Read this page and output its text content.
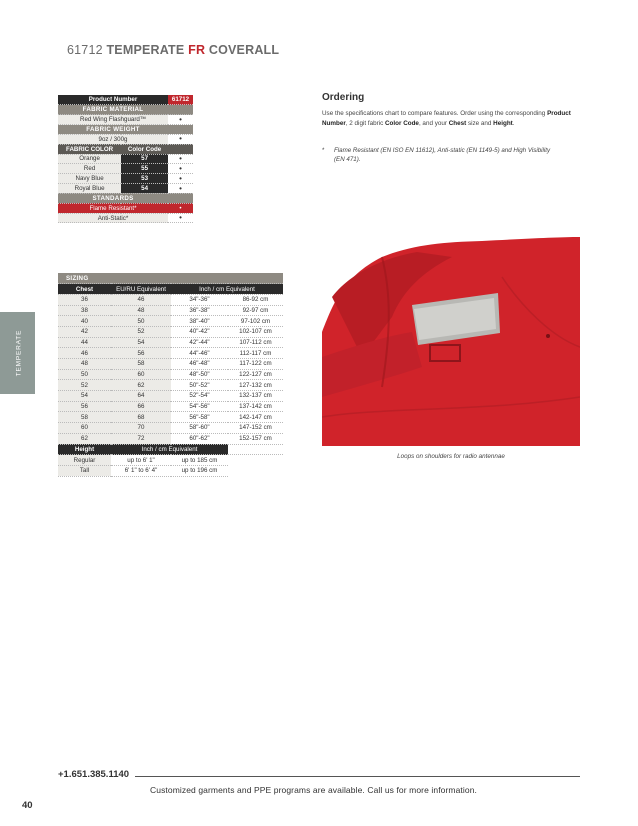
61712 TEMPERATE FR COVERALL
TEMPERATE
Product Number		61712
FABRIC MATERIAL		
Red Wing Flashguard™		•
FABRIC WEIGHT		
9oz / 300g		•
FABRIC COLOR	Color Code	
Orange	57	•
Red	55	•
Navy Blue	53	•
Royal Blue	54	•
STANDARDS		
Flame Resistant*		•
Anti-Static*		•
SIZING			
Chest	EU/RU Equivalent	Inch / cm Equivalent	
36	46	34"-36"	86-92 cm
38	48	36"-38"	92-97 cm
40	50	38"-40"	97-102 cm
42	52	40"-42"	102-107 cm
44	54	42"-44"	107-112 cm
46	56	44"-46"	112-117 cm
48	58	46"-48"	117-122 cm
50	60	48"-50"	122-127 cm
52	62	50"-52"	127-132 cm
54	64	52"-54"	132-137 cm
56	66	54"-56"	137-142 cm
58	68	56"-58"	142-147 cm
60	70	58"-60"	147-152 cm
62	72	60"-62"	152-157 cm
Height	Inch / cm Equivalent		
Regular	up to 6' 1"	up to 185 cm	
Tall	6' 1" to 6' 4"	up to 196 cm	
Ordering

Use the specifications chart to compare features. Order using the corresponding Product Number, 2 digit fabric Color Code, and your Chest size and Height.

*	Flame Resistant (EN ISO EN 11612), Anti-static (EN 1149-5) and High Visibility (EN 471).
Loops on shoulders for radio antennae
+1.651.385.1140
Customized garments and PPE programs are available. Call us for more information.
40
